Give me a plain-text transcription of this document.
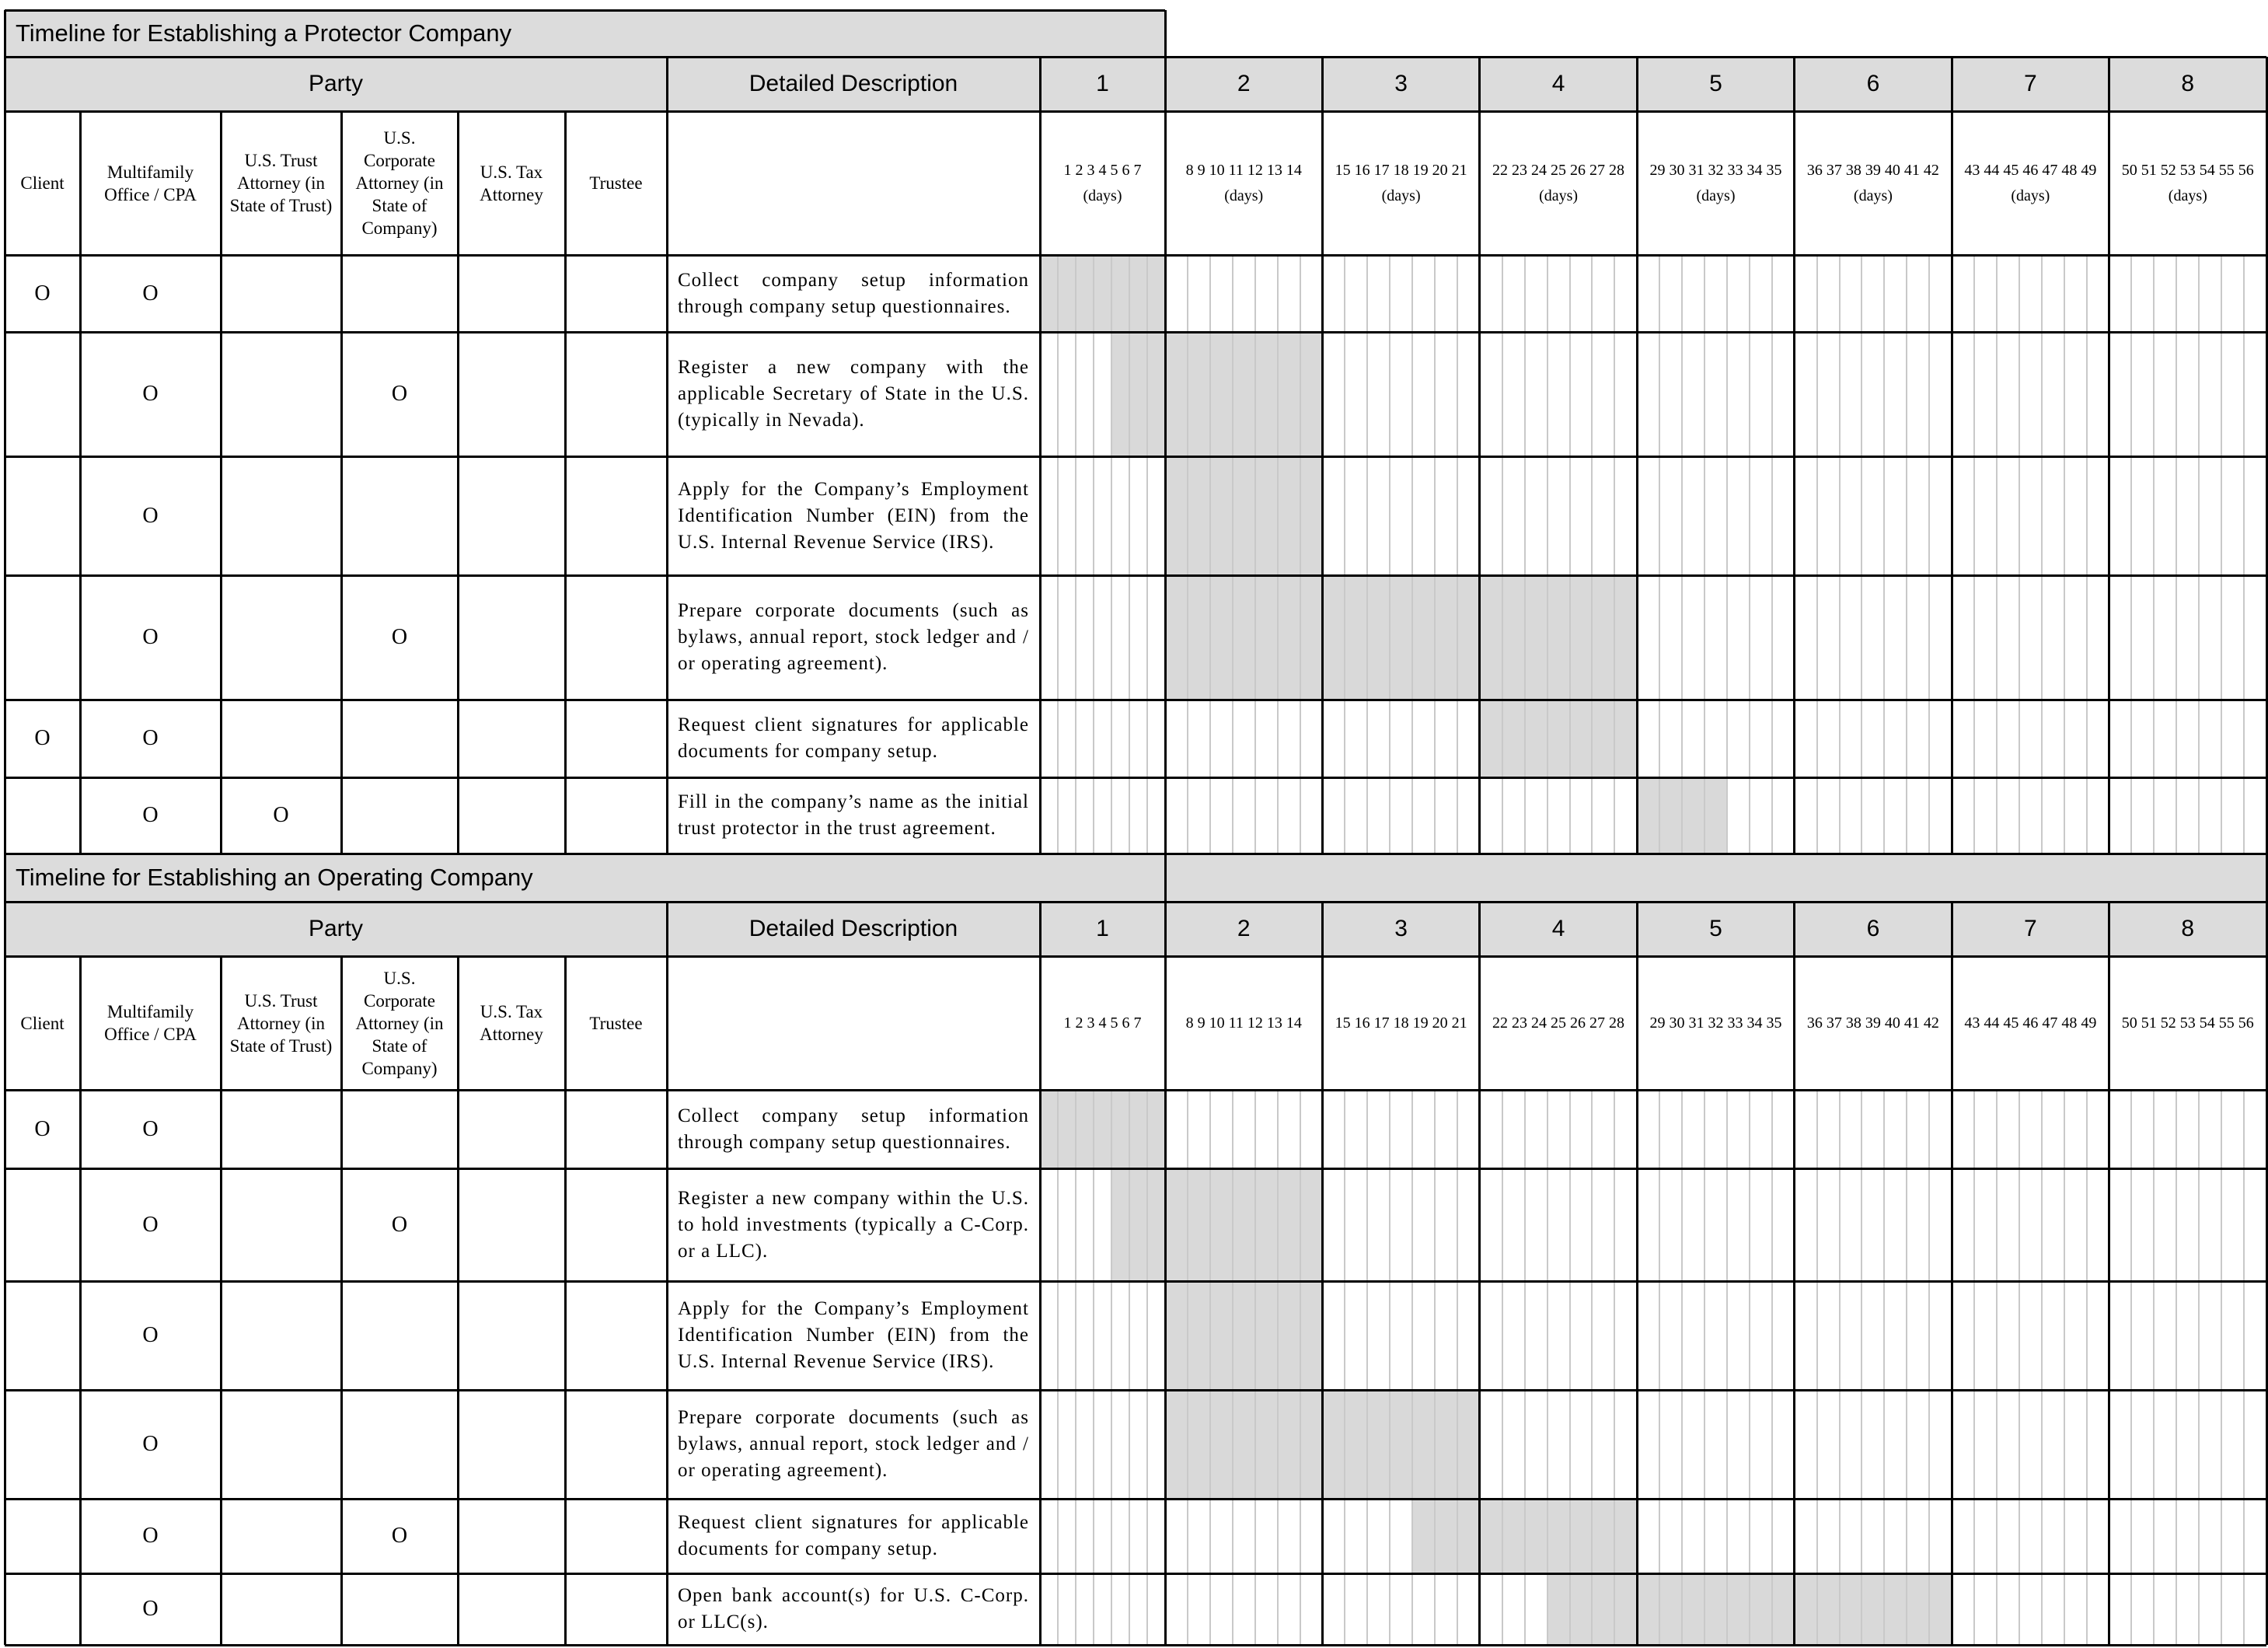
Timeline for Establishing a Protector Company
Party	Detailed Description	1	2	3	4	5	6	7	8
Client
Multifamily Office / CPA
U.S. Trust Attorney (in State of Trust)
U.S. Corporate Attorney (in State of Company)
U.S. Tax Attorney
Trustee
1 2 3 4 5 6 7
(days)
8 9 10 11 12 13 14
(days)
15 16 17 18 19 20 21
(days)
22 23 24 25 26 27 28
(days)
29 30 31 32 33 34 35
(days)
36 37 38 39 40 41 42
(days)
43 44 45 46 47 48 49
(days)
50 51 52 53 54 55 56
(days)
O	O
Collect company setup information through company setup questionnaires.
O	O
Register a new company with the applicable Secretary of State in the U.S. (typically in Nevada).
O
Apply for the Company’s Employment Identification Number (EIN) from the U.S. Internal Revenue Service (IRS).
O	O
Prepare corporate documents (such as bylaws, annual report, stock ledger and / or operating agreement).
O	O
Request client signatures for applicable documents for company setup.
O	O
Fill in the company’s name as the initial trust protector in the trust agreement.
Timeline for Establishing an Operating Company
Party	Detailed Description	1	2	3	4	5	6	7	8
Client
Multifamily Office / CPA
U.S. Trust Attorney (in State of Trust)
U.S. Corporate Attorney (in State of Company)
U.S. Tax Attorney
Trustee	1 2 3 4 5 6 7	8 9 10 11 12 13 14 15 16 17 18 19 20 21 22 23 24 25 26 27 28 29 30 31 32 33 34 35 36 37 38 39 40 41 42 43 44 45 46 47 48 49 50 51 52 53 54 55 56
O	O
Collect company setup information through company setup questionnaires.
O	O
Register a new company within the U.S. to hold investments (typically a C-Corp. or a LLC).
O
Apply for the Company’s Employment Identification Number (EIN) from the U.S. Internal Revenue Service (IRS).
O
Prepare corporate documents (such as bylaws, annual report, stock ledger and / or operating agreement).
O	O
Request client signatures for applicable documents for company setup.
O
Open bank account(s) for U.S. C-Corp. or LLC(s).
